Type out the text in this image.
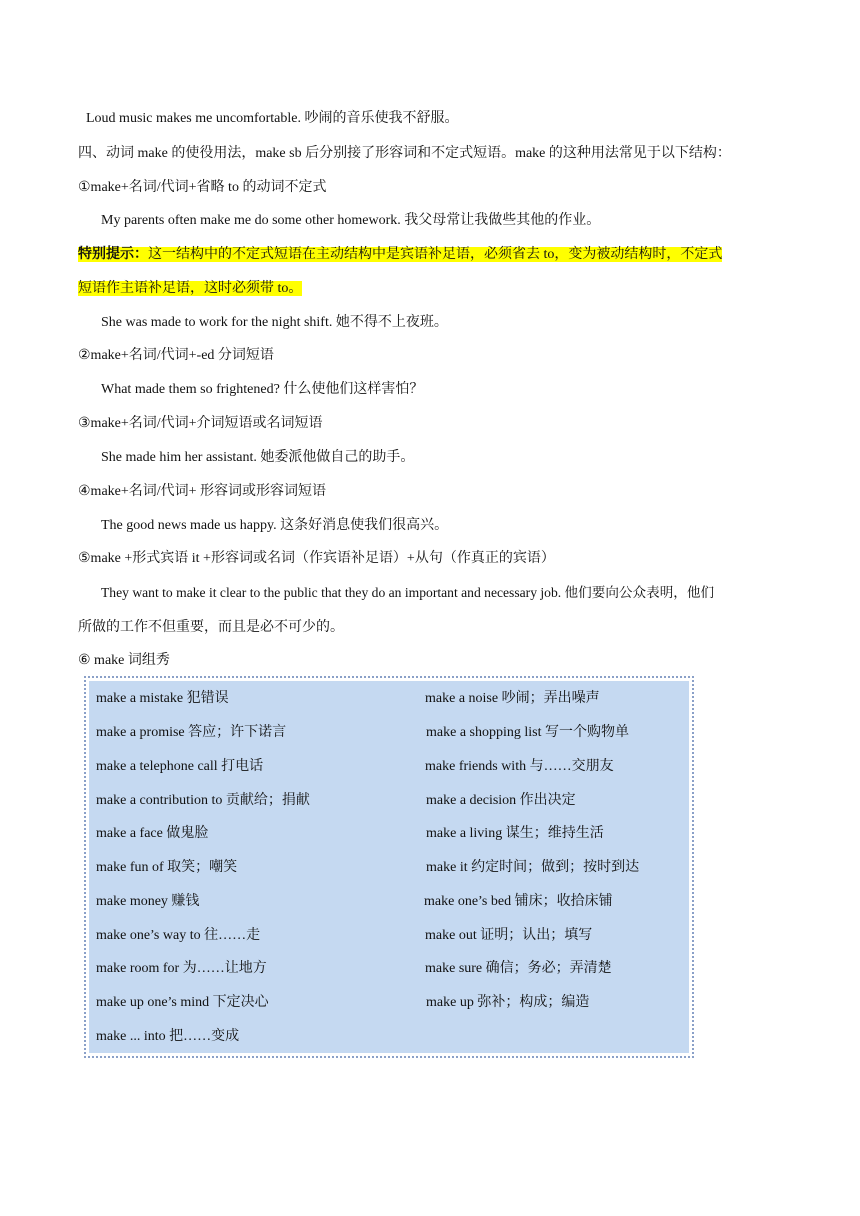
Loud music makes me uncomfortable. 吵闹的音乐使我不舒服。
四、动词 make 的使役用法，make sb 后分别接了形容词和不定式短语。make 的这种用法常见于以下结构：
①make+名词/代词+省略 to 的动词不定式
My parents often make me do some other homework. 我父母常让我做些其他的作业。
特别提示：这一结构中的不定式短语在主动结构中是宾语补足语，必须省去 to，变为被动结构时，不定式
短语作主语补足语，这时必须带 to。
She was made to work for the night shift. 她不得不上夜班。
②make+名词/代词+-ed 分词短语
What made them so frightened? 什么使他们这样害怕？
③make+名词/代词+介词短语或名词短语
She made him her assistant. 她委派他做自己的助手。
④make+名词/代词+ 形容词或形容词短语
The good news made us happy. 这条好消息使我们很高兴。
⑤make +形式宾语 it +形容词或名词（作宾语补足语）+从句（作真正的宾语）
They want to make it clear to the public that they do an important and necessary job. 他们要向公众表明，他们
所做的工作不但重要，而且是必不可少的。
⑥ make 词组秀
make a mistake 犯错误
make a promise 答应；许下诺言
make a telephone call 打电话
make a contribution to 贡献给；捐献
make a face 做鬼脸
make fun of 取笑；嘲笑
make money 赚钱
make one’s way to 往……走
make room for 为……让地方
make up one’s mind 下定决心
make ... into 把……变成
make a noise 吵闹；弄出噪声
make a shopping list 写一个购物单
make friends with 与……交朋友
make a decision 作出决定
make a living 谋生；维持生活
make it 约定时间；做到；按时到达
make one’s bed 铺床；收拾床铺
make out 证明；认出；填写
make sure 确信；务必；弄清楚
make up 弥补；构成；编造
